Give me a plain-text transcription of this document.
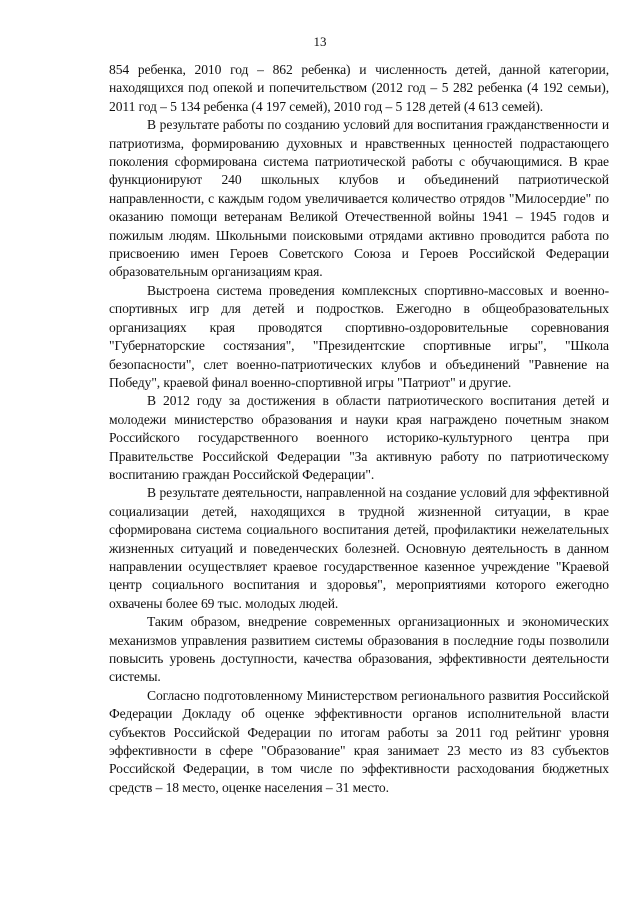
13

854 ребенка, 2010 год – 862 ребенка) и численность детей, данной категории, находящихся под опекой и попечительством (2012 год – 5 282 ребенка (4 192 семьи), 2011 год – 5 134 ребенка (4 197 семей), 2010 год – 5 128 детей (4 613 семей).

В результате работы по созданию условий для воспитания гражданственности и патриотизма, формированию духовных и нравственных ценностей подрастающего поколения сформирована система патриотической работы с обучающимися. В крае функционируют 240 школьных клубов и объединений патриотической направленности, с каждым годом увеличивается количество отрядов "Милосердие" по оказанию помощи ветеранам Великой Отечественной войны 1941 – 1945 годов и пожилым людям. Школьными поисковыми отрядами активно проводится работа по присвоению имен Героев Советского Союза и Героев Российской Федерации образовательным организациям края.

Выстроена система проведения комплексных спортивно-массовых и военно-спортивных игр для детей и подростков. Ежегодно в общеобразовательных организациях края проводятся спортивно-оздоровительные соревнования "Губернаторские состязания", "Президентские спортивные игры", "Школа безопасности", слет военно-патриотических клубов и объединений "Равнение на Победу", краевой финал военно-спортивной игры "Патриот" и другие.

В 2012 году за достижения в области патриотического воспитания детей и молодежи министерство образования и науки края награждено почетным знаком Российского государственного военного историко-культурного центра при Правительстве Российской Федерации "За активную работу по патриотическому воспитанию граждан Российской Федерации".

В результате деятельности, направленной на создание условий для эффективной социализации детей, находящихся в трудной жизненной ситуации, в крае сформирована система социального воспитания детей, профилактики нежелательных жизненных ситуаций и поведенческих болезней. Основную деятельность в данном направлении осуществляет краевое государственное казенное учреждение "Краевой центр социального воспитания и здоровья", мероприятиями которого ежегодно охвачены более 69 тыс. молодых людей.

Таким образом, внедрение современных организационных и экономических механизмов управления развитием системы образования в последние годы позволили повысить уровень доступности, качества образования, эффективности деятельности системы.

Согласно подготовленному Министерством регионального развития Российской Федерации Докладу об оценке эффективности органов исполнительной власти субъектов Российской Федерации по итогам работы за 2011 год рейтинг уровня эффективности в сфере "Образование" края занимает 23 место из 83 субъектов Российской Федерации, в том числе по эффективности расходования бюджетных средств – 18 место, оценке населения – 31 место.
